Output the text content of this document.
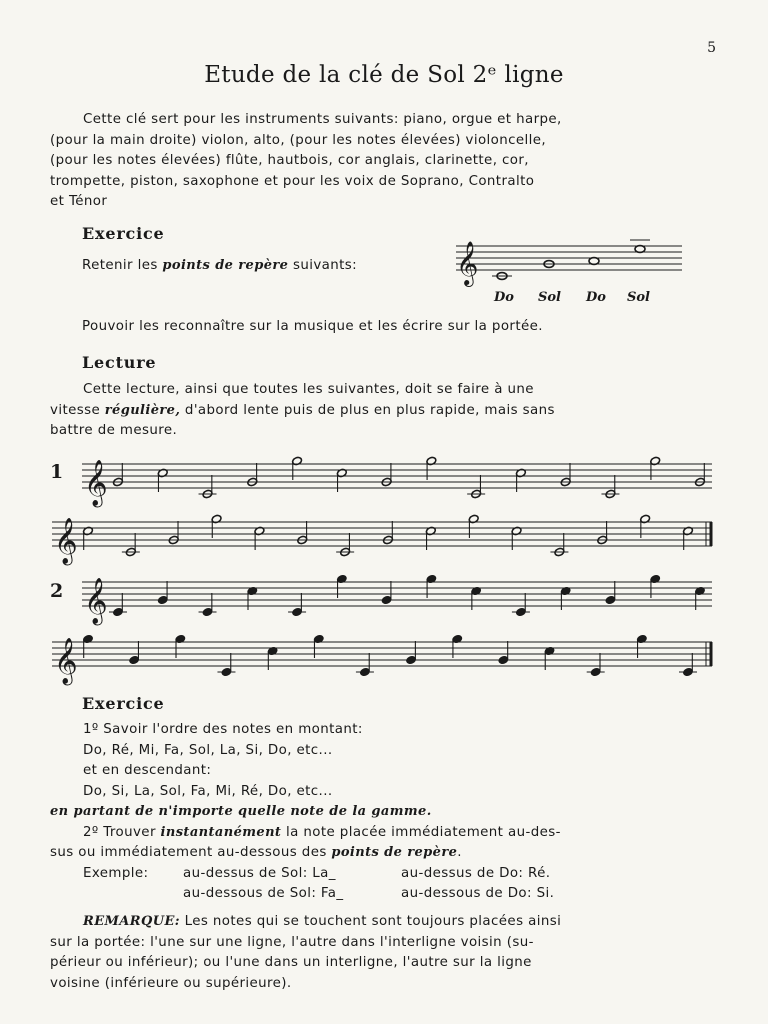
5
Etude de la clé de Sol 2ᵉ ligne
Cette clé sert pour les instruments suivants: piano, orgue et harpe,
(pour la main droite) violon, alto, (pour les notes élevées) violoncelle,
(pour les notes élevées) flûte, hautbois, cor anglais, clarinette, cor,
trompette, piston, saxophone et pour les voix de Soprano, Contralto
et Ténor
Exercice
Retenir les points de repère suivants:	𝄞
Do Sol Do Sol
Pouvoir les reconnaître sur la musique et les écrire sur la portée.
Lecture
Cette lecture, ainsi que toutes les suivantes, doit se faire à une
vitesse régulière, d'abord lente puis de plus en plus rapide, mais sans
battre de mesure.
1
2
𝄞
𝄞
𝄞
𝄞
Exercice
1º Savoir l'ordre des notes en montant:
Do, Ré, Mi, Fa, Sol, La, Si, Do, etc...
et en descendant:
Do, Si, La, Sol, Fa, Mi, Ré, Do, etc...
en partant de n'importe quelle note de la gamme.
2º Trouver instantanément la note placée immédiatement au-des-
sus ou immédiatement au-dessous des points de repère.
Exemple:	au-dessus de Sol: La_	au-dessus de Do: Ré.
au-dessous de Sol: Fa_	au-dessous de Do: Si.
REMARQUE: Les notes qui se touchent sont toujours placées ainsi
sur la portée: l'une sur une ligne, l'autre dans l'interligne voisin (su-
périeur ou inférieur); ou l'une dans un interligne, l'autre sur la ligne
voisine (inférieure ou supérieure).
